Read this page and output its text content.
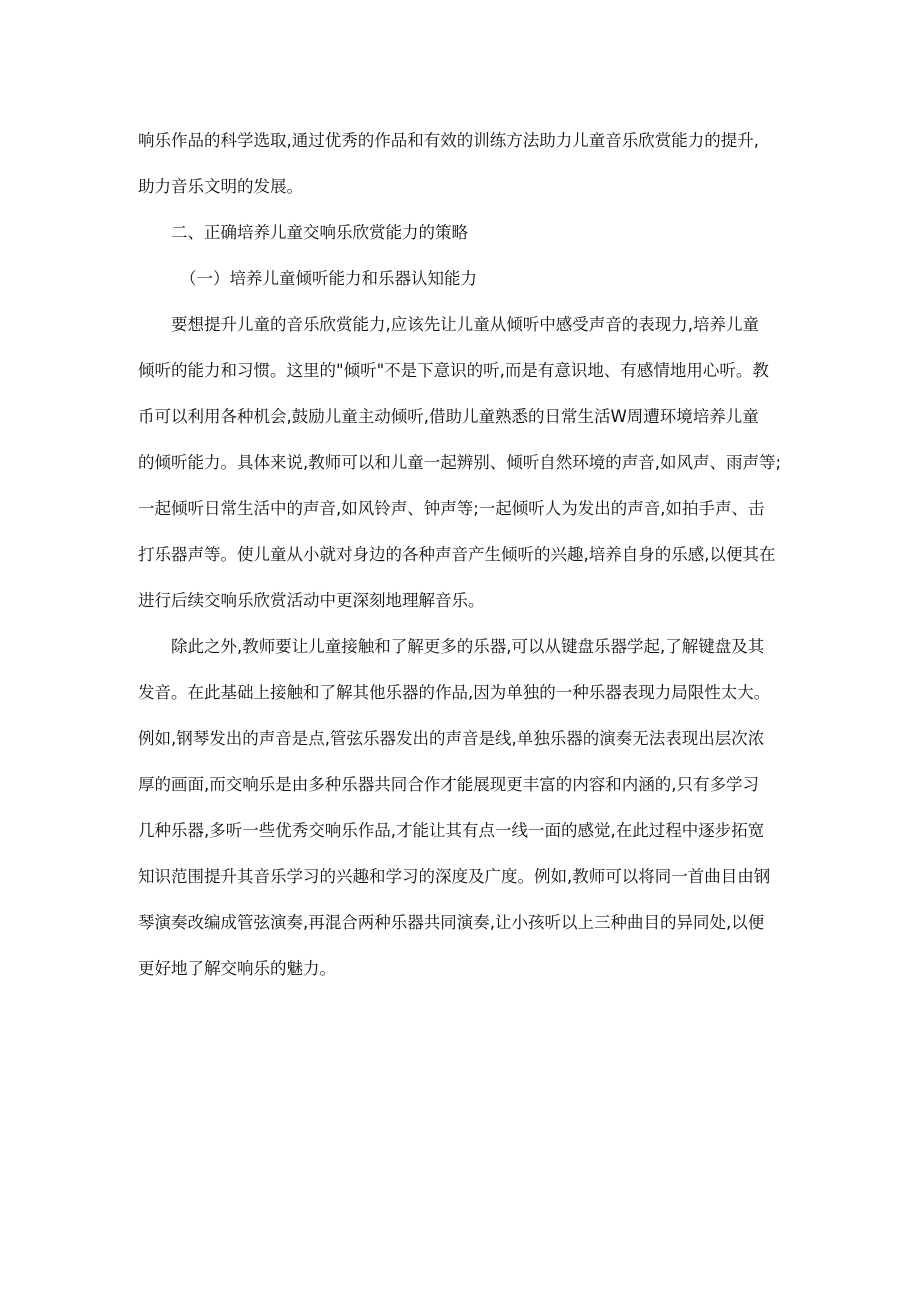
响乐作品的科学选取,通过优秀的作品和有效的训练方法助力儿童音乐欣赏能力的提升,
助力音乐文明的发展。
二、正确培养儿童交响乐欣赏能力的策略
（一）培养儿童倾听能力和乐器认知能力
要想提升儿童的音乐欣赏能力,应该先让儿童从倾听中感受声音的表现力,培养儿童
倾听的能力和习惯。这里的"倾听"不是下意识的听,而是有意识地、有感情地用心听。教
币可以利用各种机会,鼓励儿童主动倾听,借助儿童熟悉的日常生活W周遭环境培养儿童
的倾听能力。具体来说,教师可以和儿童一起辨别、倾听自然环境的声音,如风声、雨声等;
一起倾听日常生活中的声音,如风铃声、钟声等;一起倾听人为发出的声音,如拍手声、击
打乐器声等。使儿童从小就对身边的各种声音产生倾听的兴趣,培养自身的乐感,以便其在
进行后续交响乐欣赏活动中更深刻地理解音乐。
除此之外,教师要让儿童接触和了解更多的乐器,可以从键盘乐器学起,了解键盘及其
发音。在此基础上接触和了解其他乐器的作品,因为单独的一种乐器表现力局限性太大。
例如,钢琴发出的声音是点,管弦乐器发出的声音是线,单独乐器的演奏无法表现出层次浓
厚的画面,而交响乐是由多种乐器共同合作才能展现更丰富的内容和内涵的,只有多学习
几种乐器,多听一些优秀交响乐作品,才能让其有点一线一面的感觉,在此过程中逐步拓宽
知识范围提升其音乐学习的兴趣和学习的深度及广度。例如,教师可以将同一首曲目由钢
琴演奏改编成管弦演奏,再混合两种乐器共同演奏,让小孩听以上三种曲目的异同处,以便
更好地了解交响乐的魅力。
